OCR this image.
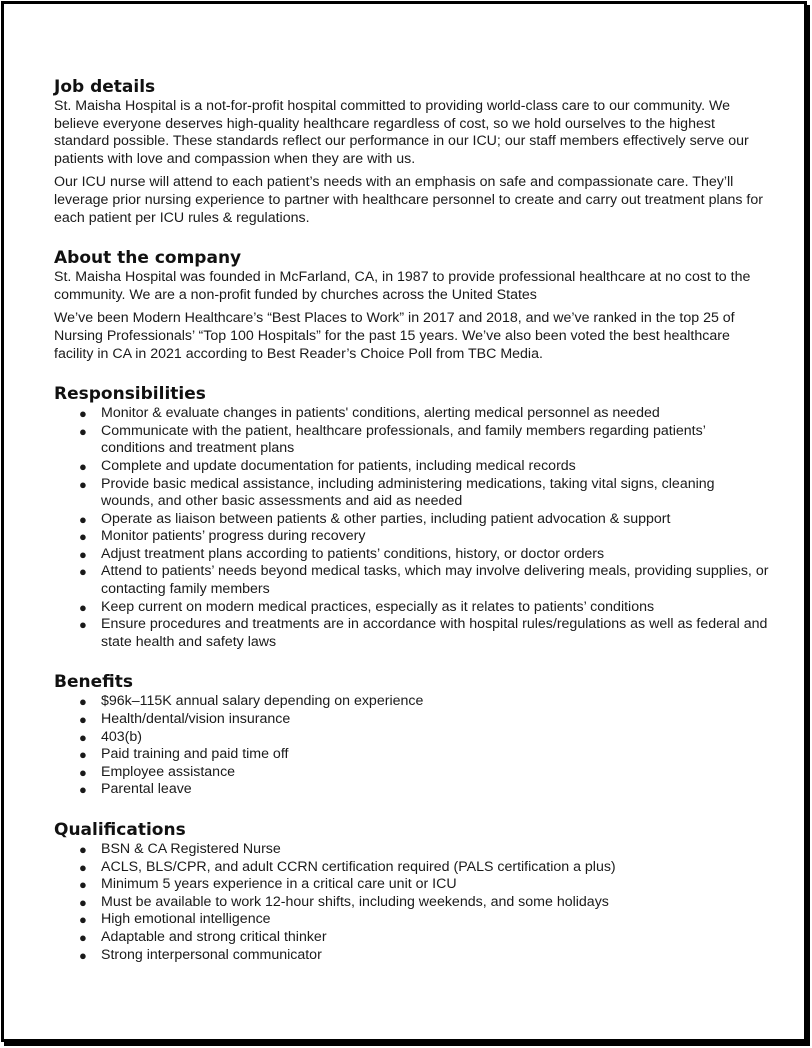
Job details

St. Maisha Hospital is a not-for-profit hospital committed to providing world-class care to our community. We believe everyone deserves high-quality healthcare regardless of cost, so we hold ourselves to the highest standard possible. These standards reflect our performance in our ICU; our staff members effectively serve our patients with love and compassion when they are with us.

Our ICU nurse will attend to each patient’s needs with an emphasis on safe and compassionate care. They’ll leverage prior nursing experience to partner with healthcare personnel to create and carry out treatment plans for each patient per ICU rules & regulations.

About the company

St. Maisha Hospital was founded in McFarland, CA, in 1987 to provide professional healthcare at no cost to the community. We are a non-profit funded by churches across the United States

We’ve been Modern Healthcare’s “Best Places to Work” in 2017 and 2018, and we’ve ranked in the top 25 of Nursing Professionals’ “Top 100 Hospitals” for the past 15 years. We’ve also been voted the best healthcare facility in CA in 2021 according to Best Reader’s Choice Poll from TBC Media.

Responsibilities
● Monitor & evaluate changes in patients' conditions, alerting medical personnel as needed
● Communicate with the patient, healthcare professionals, and family members regarding patients’ conditions and treatment plans
● Complete and update documentation for patients, including medical records
● Provide basic medical assistance, including administering medications, taking vital signs, cleaning wounds, and other basic assessments and aid as needed
● Operate as liaison between patients & other parties, including patient advocation & support
● Monitor patients’ progress during recovery
● Adjust treatment plans according to patients’ conditions, history, or doctor orders
● Attend to patients’ needs beyond medical tasks, which may involve delivering meals, providing supplies, or contacting family members
● Keep current on modern medical practices, especially as it relates to patients’ conditions
● Ensure procedures and treatments are in accordance with hospital rules/regulations as well as federal and state health and safety laws
Benefits
● $96k–115K annual salary depending on experience
● Health/dental/vision insurance
● 403(b)
● Paid training and paid time off
● Employee assistance
● Parental leave
Qualifications
● BSN & CA Registered Nurse
● ACLS, BLS/CPR, and adult CCRN certification required (PALS certification a plus)
● Minimum 5 years experience in a critical care unit or ICU
● Must be available to work 12-hour shifts, including weekends, and some holidays
● High emotional intelligence
● Adaptable and strong critical thinker
● Strong interpersonal communicator
